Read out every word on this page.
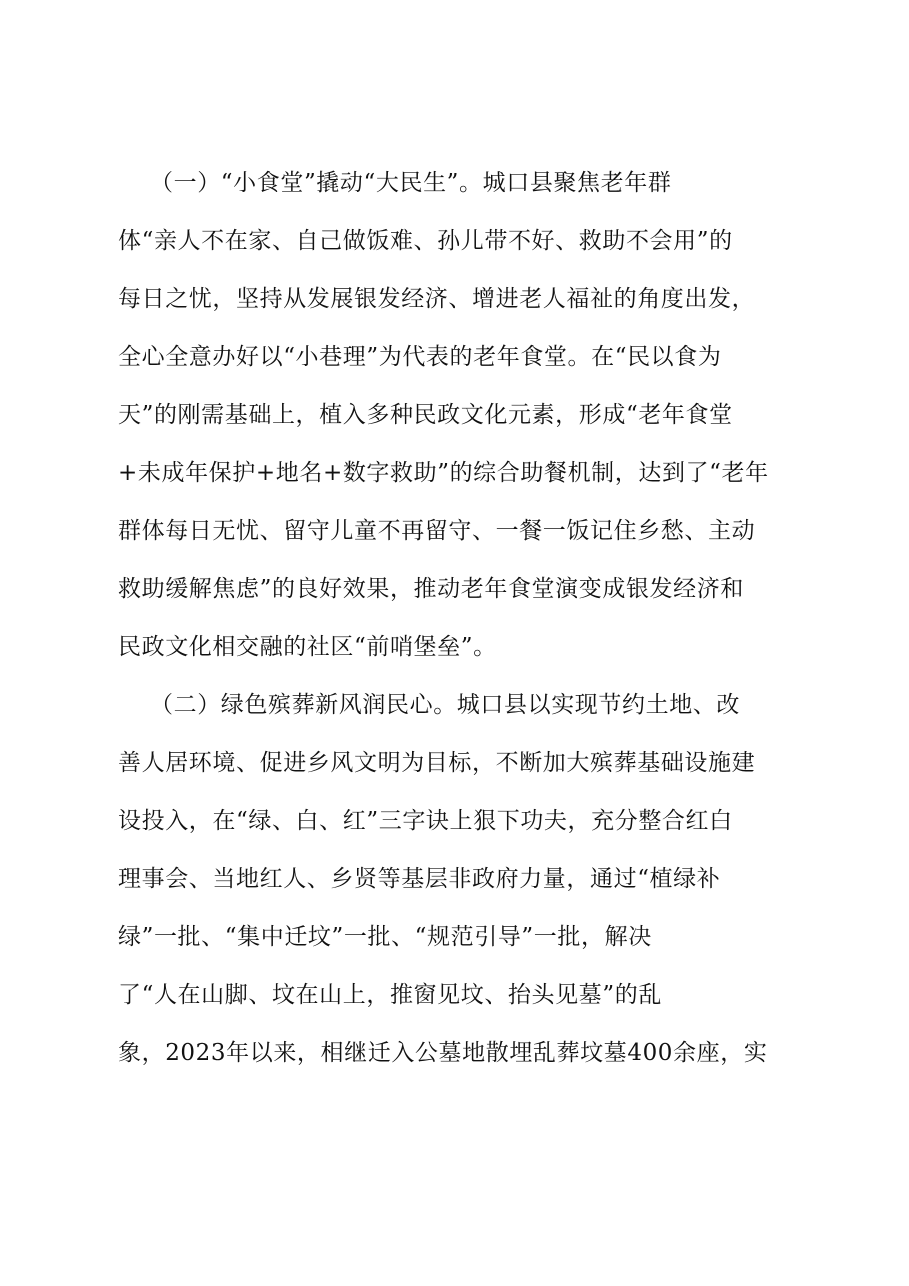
（一）“小食堂”撬动“大民生”。城口县聚焦老年群

体“亲人不在家、自己做饭难、孙儿带不好、救助不会用”的

每日之忧，坚持从发展银发经济、增进老人福祉的角度出发，

全心全意办好以“小巷理”为代表的老年食堂。在“民以食为

天”的刚需基础上，植入多种民政文化元素，形成“老年食堂

+未成年保护+地名+数字救助”的综合助餐机制，达到了“老年

群体每日无忧、留守儿童不再留守、一餐一饭记住乡愁、主动

救助缓解焦虑”的良好效果，推动老年食堂演变成银发经济和

民政文化相交融的社区“前哨堡垒”。

（二）绿色殡葬新风润民心。城口县以实现节约土地、改

善人居环境、促进乡风文明为目标，不断加大殡葬基础设施建

设投入，在“绿、白、红”三字诀上狠下功夫，充分整合红白

理事会、当地红人、乡贤等基层非政府力量，通过“植绿补

绿”一批、“集中迁坟”一批、“规范引导”一批，解决

了“人在山脚、坟在山上，推窗见坟、抬头见墓”的乱

象，2023年以来，相继迁入公墓地散埋乱葬坟墓400余座，实
